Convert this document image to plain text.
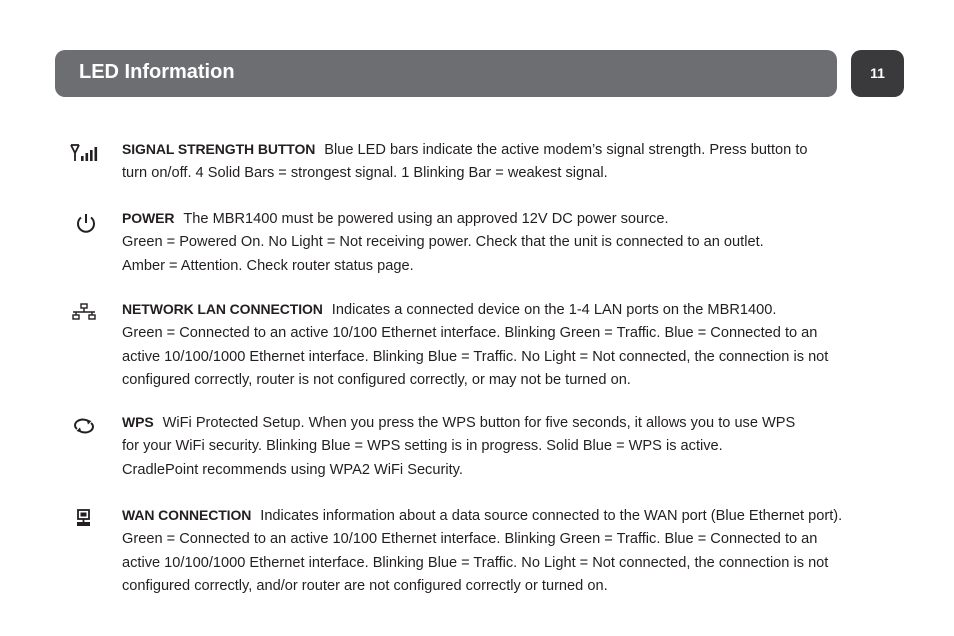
LED Information	11
SIGNAL STRENGTH BUTTON Blue LED bars indicate the active modem’s signal strength. Press button to
turn on/off. 4 Solid Bars = strongest signal. 1 Blinking Bar = weakest signal.
POWER The MBR1400 must be powered using an approved 12V DC power source.
Green = Powered On. No Light = Not receiving power. Check that the unit is connected to an outlet.
Amber = Attention. Check router status page.
NETWORK LAN CONNECTION Indicates a connected device on the 1-4 LAN ports on the MBR1400.
Green = Connected to an active 10/100 Ethernet interface. Blinking Green = Traffic. Blue = Connected to an
active 10/100/1000 Ethernet interface. Blinking Blue = Traffic. No Light = Not connected, the connection is not
configured correctly, router is not configured correctly, or may not be turned on.
WPS WiFi Protected Setup. When you press the WPS button for five seconds, it allows you to use WPS
for your WiFi security. Blinking Blue = WPS setting is in progress. Solid Blue = WPS is active.
CradlePoint recommends using WPA2 WiFi Security.
WAN CONNECTION Indicates information about a data source connected to the WAN port (Blue Ethernet port).
Green = Connected to an active 10/100 Ethernet interface. Blinking Green = Traffic. Blue = Connected to an
active 10/100/1000 Ethernet interface. Blinking Blue = Traffic. No Light = Not connected, the connection is not
configured correctly, and/or router are not configured correctly or turned on.
